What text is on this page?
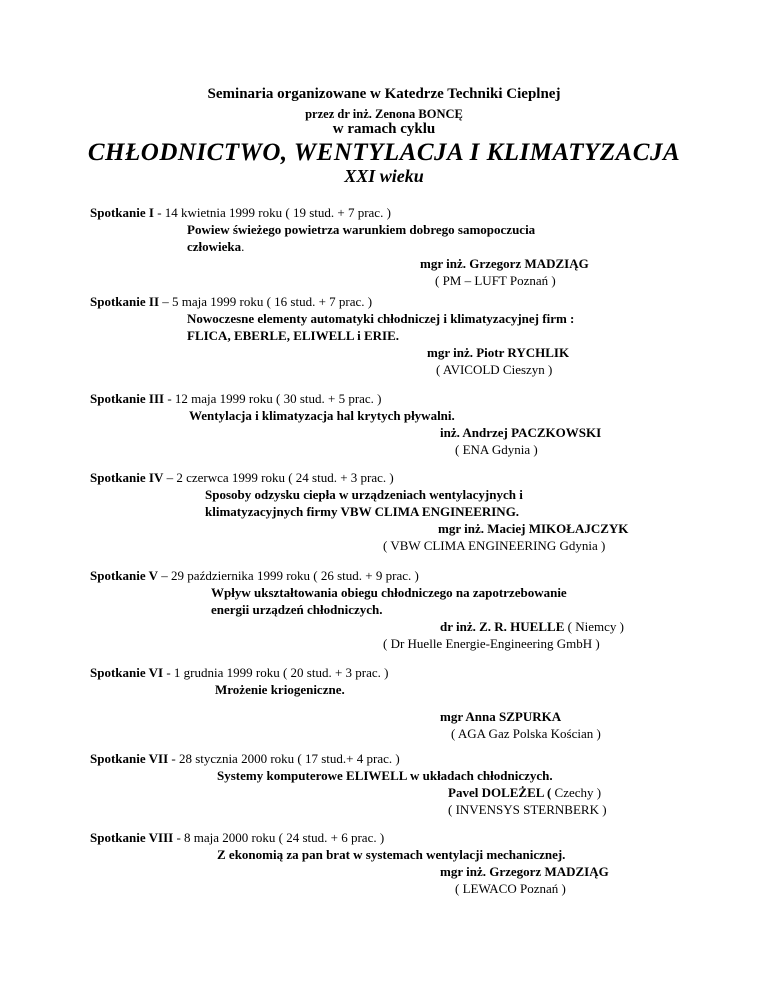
Seminaria organizowane w Katedrze Techniki Cieplnej
przez dr inż. Zenona BONCĘ
w ramach cyklu
CHŁODNICTWO, WENTYLACJA I KLIMATYZACJA
XXI wieku
Spotkanie I - 14 kwietnia 1999 roku ( 19 stud. + 7 prac. )
Powiew świeżego powietrza warunkiem dobrego samopoczucia
człowieka.
mgr inż. Grzegorz MADZIĄG
( PM – LUFT Poznań )
Spotkanie II – 5 maja 1999 roku ( 16 stud. + 7 prac. )
Nowoczesne elementy automatyki chłodniczej i klimatyzacyjnej firm :
FLICA, EBERLE, ELIWELL i ERIE.
mgr inż. Piotr RYCHLIK
( AVICOLD Cieszyn )
Spotkanie III - 12 maja 1999 roku ( 30 stud. + 5 prac. )
Wentylacja i klimatyzacja hal krytych pływalni.
inż. Andrzej PACZKOWSKI
( ENA Gdynia )
Spotkanie IV – 2 czerwca 1999 roku ( 24 stud. + 3 prac. )
Sposoby odzysku ciepła w urządzeniach wentylacyjnych i
klimatyzacyjnych firmy VBW CLIMA ENGINEERING.
mgr inż. Maciej MIKOŁAJCZYK
( VBW CLIMA ENGINEERING Gdynia )
Spotkanie V – 29 października 1999 roku ( 26 stud. + 9 prac. )
Wpływ ukształtowania obiegu chłodniczego na zapotrzebowanie
energii urządzeń chłodniczych.
dr inż. Z. R. HUELLE ( Niemcy )
( Dr Huelle Energie-Engineering GmbH )
Spotkanie VI - 1 grudnia 1999 roku ( 20 stud. + 3 prac. )
Mrożenie kriogeniczne.
mgr Anna SZPURKA
( AGA Gaz Polska Kościan )
Spotkanie VII - 28 stycznia 2000 roku ( 17 stud.+ 4 prac. )
Systemy komputerowe ELIWELL w układach chłodniczych.
Pavel DOLEŻEL ( Czechy )
( INVENSYS STERNBERK )
Spotkanie VIII - 8 maja 2000 roku ( 24 stud. + 6 prac. )
Z ekonomią za pan brat w systemach wentylacji mechanicznej.
mgr inż. Grzegorz MADZIĄG
( LEWACO Poznań )
